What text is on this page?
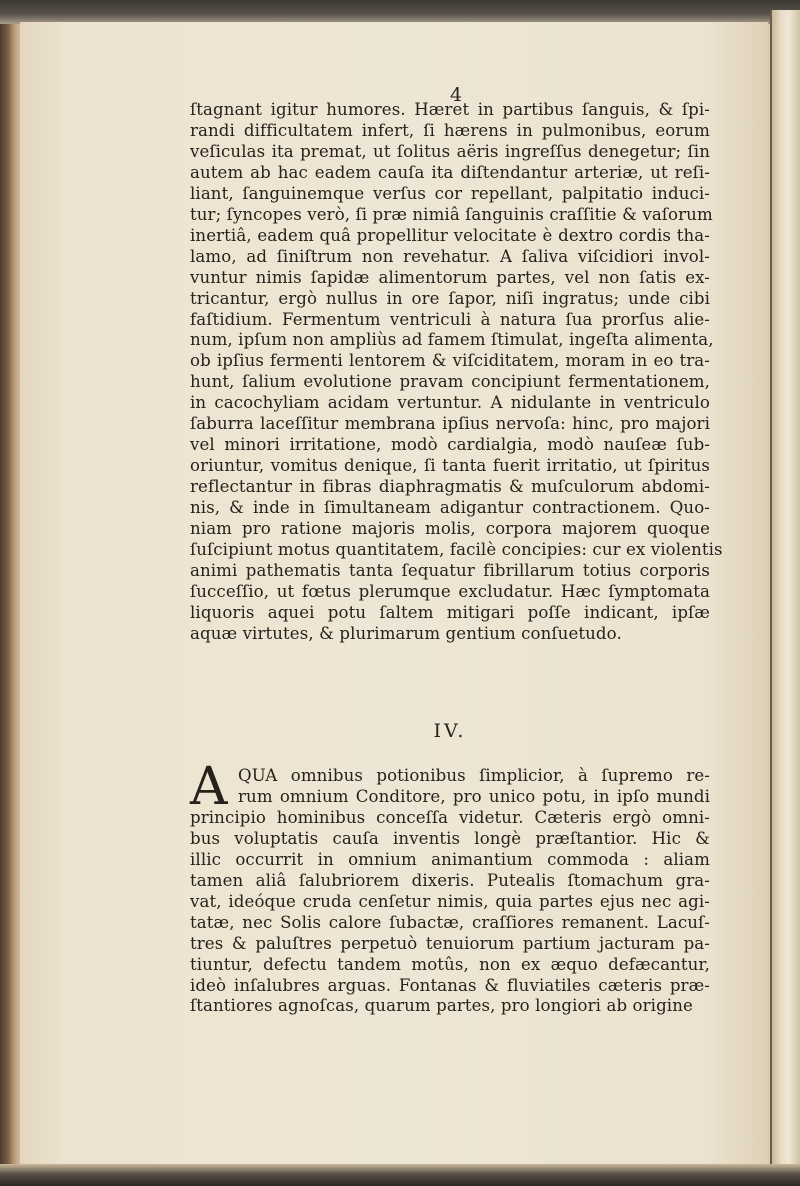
4
ſtagnant igitur humores. Hæret in partibus ſanguis, & ſpi-
randi difficultatem infert, ſi hærens in pulmonibus, eorum
veſiculas ita premat, ut ſolitus aëris ingreſſus denegetur; ſin
autem ab hac eadem cauſa ita diſtendantur arteriæ, ut reſi-
liant, ſanguinemque verſus cor repellant, palpitatio induci-
tur; ſyncopes verò, ſi præ nimiâ ſanguinis craſſitie & vaſorum
inertiâ, eadem quâ propellitur velocitate è dextro cordis tha-
lamo, ad ſiniſtrum non revehatur. A ſaliva viſcidiori invol-
vuntur nimis ſapidæ alimentorum partes, vel non ſatis ex-
tricantur, ergò nullus in ore ſapor, niſi ingratus; unde cibi
faſtidium. Fermentum ventriculi à natura ſua prorſus alie-
num, ipſum non ampliùs ad famem ſtimulat, ingeſta alimenta,
ob ipſius fermenti lentorem & viſciditatem, moram in eo tra-
hunt, ſalium evolutione pravam concipiunt fermentationem,
in cacochyliam acidam vertuntur. A nidulante in ventriculo
ſaburra laceſſitur membrana ipſius nervoſa: hinc, pro majori
vel minori irritatione, modò cardialgia, modò nauſeæ ſub-
oriuntur, vomitus denique, ſi tanta fuerit irritatio, ut ſpiritus
reflectantur in fibras diaphragmatis & muſculorum abdomi-
nis, & inde in ſimultaneam adigantur contractionem. Quo-
niam pro ratione majoris molis, corpora majorem quoque
ſuſcipiunt motus quantitatem, facilè concipies: cur ex violentis
animi pathematis tanta ſequatur fibrillarum totius corporis
ſucceſſio, ut fœtus plerumque excludatur. Hæc ſymptomata
liquoris aquei potu ſaltem mitigari poſſe indicant, ipſæ
aquæ virtutes, & plurimarum gentium conſuetudo.
IV.
A QUA omnibus potionibus ſimplicior, à ſupremo re-
rum omnium Conditore, pro unico potu, in ipſo mundi
principio hominibus conceſſa videtur. Cæteris ergò omni-
bus voluptatis cauſa inventis longè præſtantior. Hic &
illic occurrit in omnium animantium commoda : aliam
tamen aliâ ſalubriorem dixeris. Putealis ſtomachum gra-
vat, ideóque cruda cenſetur nimis, quia partes ejus nec agi-
tatæ, nec Solis calore ſubactæ, craſſiores remanent. Lacuſ-
tres & paluſtres perpetuò tenuiorum partium jacturam pa-
tiuntur, defectu tandem motûs, non ex æquo defæcantur,
ideò inſalubres arguas. Fontanas & fluviatiles cæteris præ-
ſtantiores agnoſcas, quarum partes, pro longiori ab origine
